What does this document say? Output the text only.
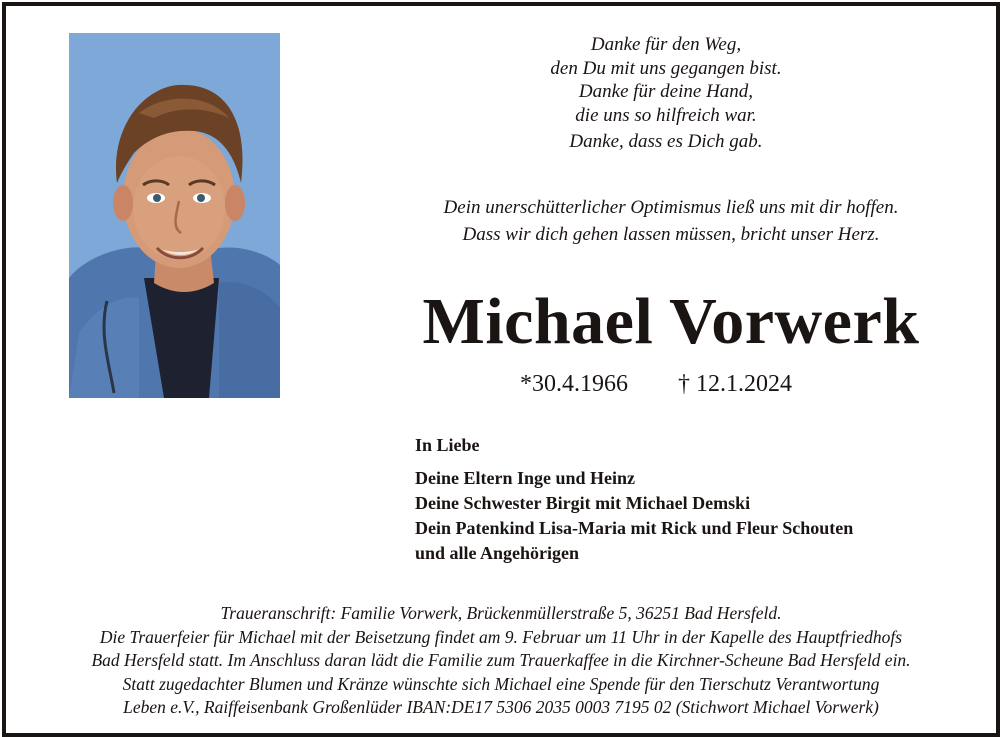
Danke für den Weg,
den Du mit uns gegangen bist.
Danke für deine Hand,
die uns so hilfreich war.
Danke, dass es Dich gab.
Dein unerschütterlicher Optimismus ließ uns mit dir hoffen.
Dass wir dich gehen lassen müssen, bricht unser Herz.
Michael Vorwerk
*30.4.1966 † 12.1.2024
In Liebe
Deine Eltern Inge und Heinz
Deine Schwester Birgit mit Michael Demski
Dein Patenkind Lisa-Maria mit Rick und Fleur Schouten
und alle Angehörigen
Traueranschrift: Familie Vorwerk, Brückenmüllerstraße 5, 36251 Bad Hersfeld.
Die Trauerfeier für Michael mit der Beisetzung findet am 9. Februar um 11 Uhr in der Kapelle des Hauptfriedhofs
Bad Hersfeld statt. Im Anschluss daran lädt die Familie zum Trauerkaffee in die Kirchner-Scheune Bad Hersfeld ein.
Statt zugedachter Blumen und Kränze wünschte sich Michael eine Spende für den Tierschutz Verantwortung
Leben e.V., Raiffeisenbank Großenlüder IBAN:DE17 5306 2035 0003 7195 02 (Stichwort Michael Vorwerk)
